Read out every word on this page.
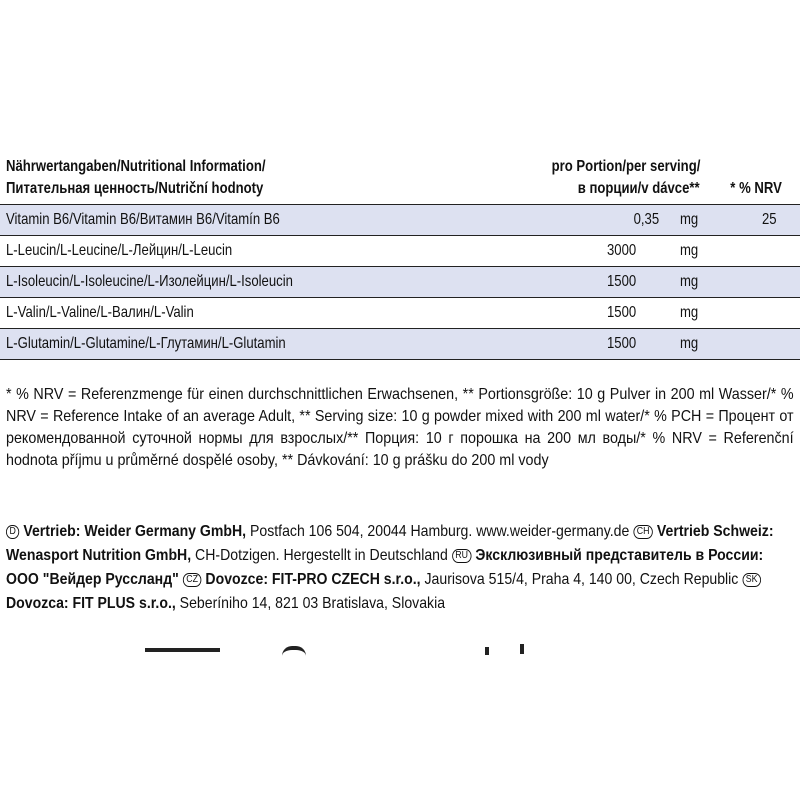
Nährwertangaben/Nutritional Information/
Питательная ценность/Nutriční hodnoty
pro Portion/per serving/
в порции/v dávce** * % NRV
Vitamin B6/Vitamin B6/Витамин B6/Vitamín B6	0,35 mg	25
L-Leucin/L-Leucine/L-Лейцин/L-Leucin	3000	mg
L-Isoleucin/L-Isoleucine/L-Изолейцин/L-Isoleucin	1500	mg
L-Valin/L-Valine/L-Валин/L-Valin	1500	mg
L-Glutamin/L-Glutamine/L-Глутамин/L-Glutamin	1500	mg
* % NRV = Referenzmenge für einen durchschnittlichen Erwachsenen, ** Portionsgröße: 10 g Pulver in 200 ml Wasser/* % NRV = Reference Intake of an average Adult, ** Serving size: 10 g powder mixed with 200 ml water/* % PCH = Процент от рекомендованной суточной нормы для взрослых/** Порция: 10 г порошка на 200 мл воды/* % NRV = Referenční hodnota příjmu u průměrné dospělé osoby, ** Dávkování: 10 g prášku do 200 ml vody
D Vertrieb: Weider Germany GmbH, Postfach 106 504, 20044 Hamburg. www.weider-germany.de CH Vertrieb Schweiz: Wenasport Nutrition GmbH, CH-Dotzigen. Hergestellt in Deutschland RU Эксклюзивный представитель в России: ООО "Вейдер Руссланд" CZ Dovozce: FIT-PRO CZECH s.r.o., Jaurisova 515/4, Praha 4, 140 00, Czech Republic SK Dovozca: FIT PLUS s.r.o., Seberíniho 14, 821 03 Bratislava, Slovakia
